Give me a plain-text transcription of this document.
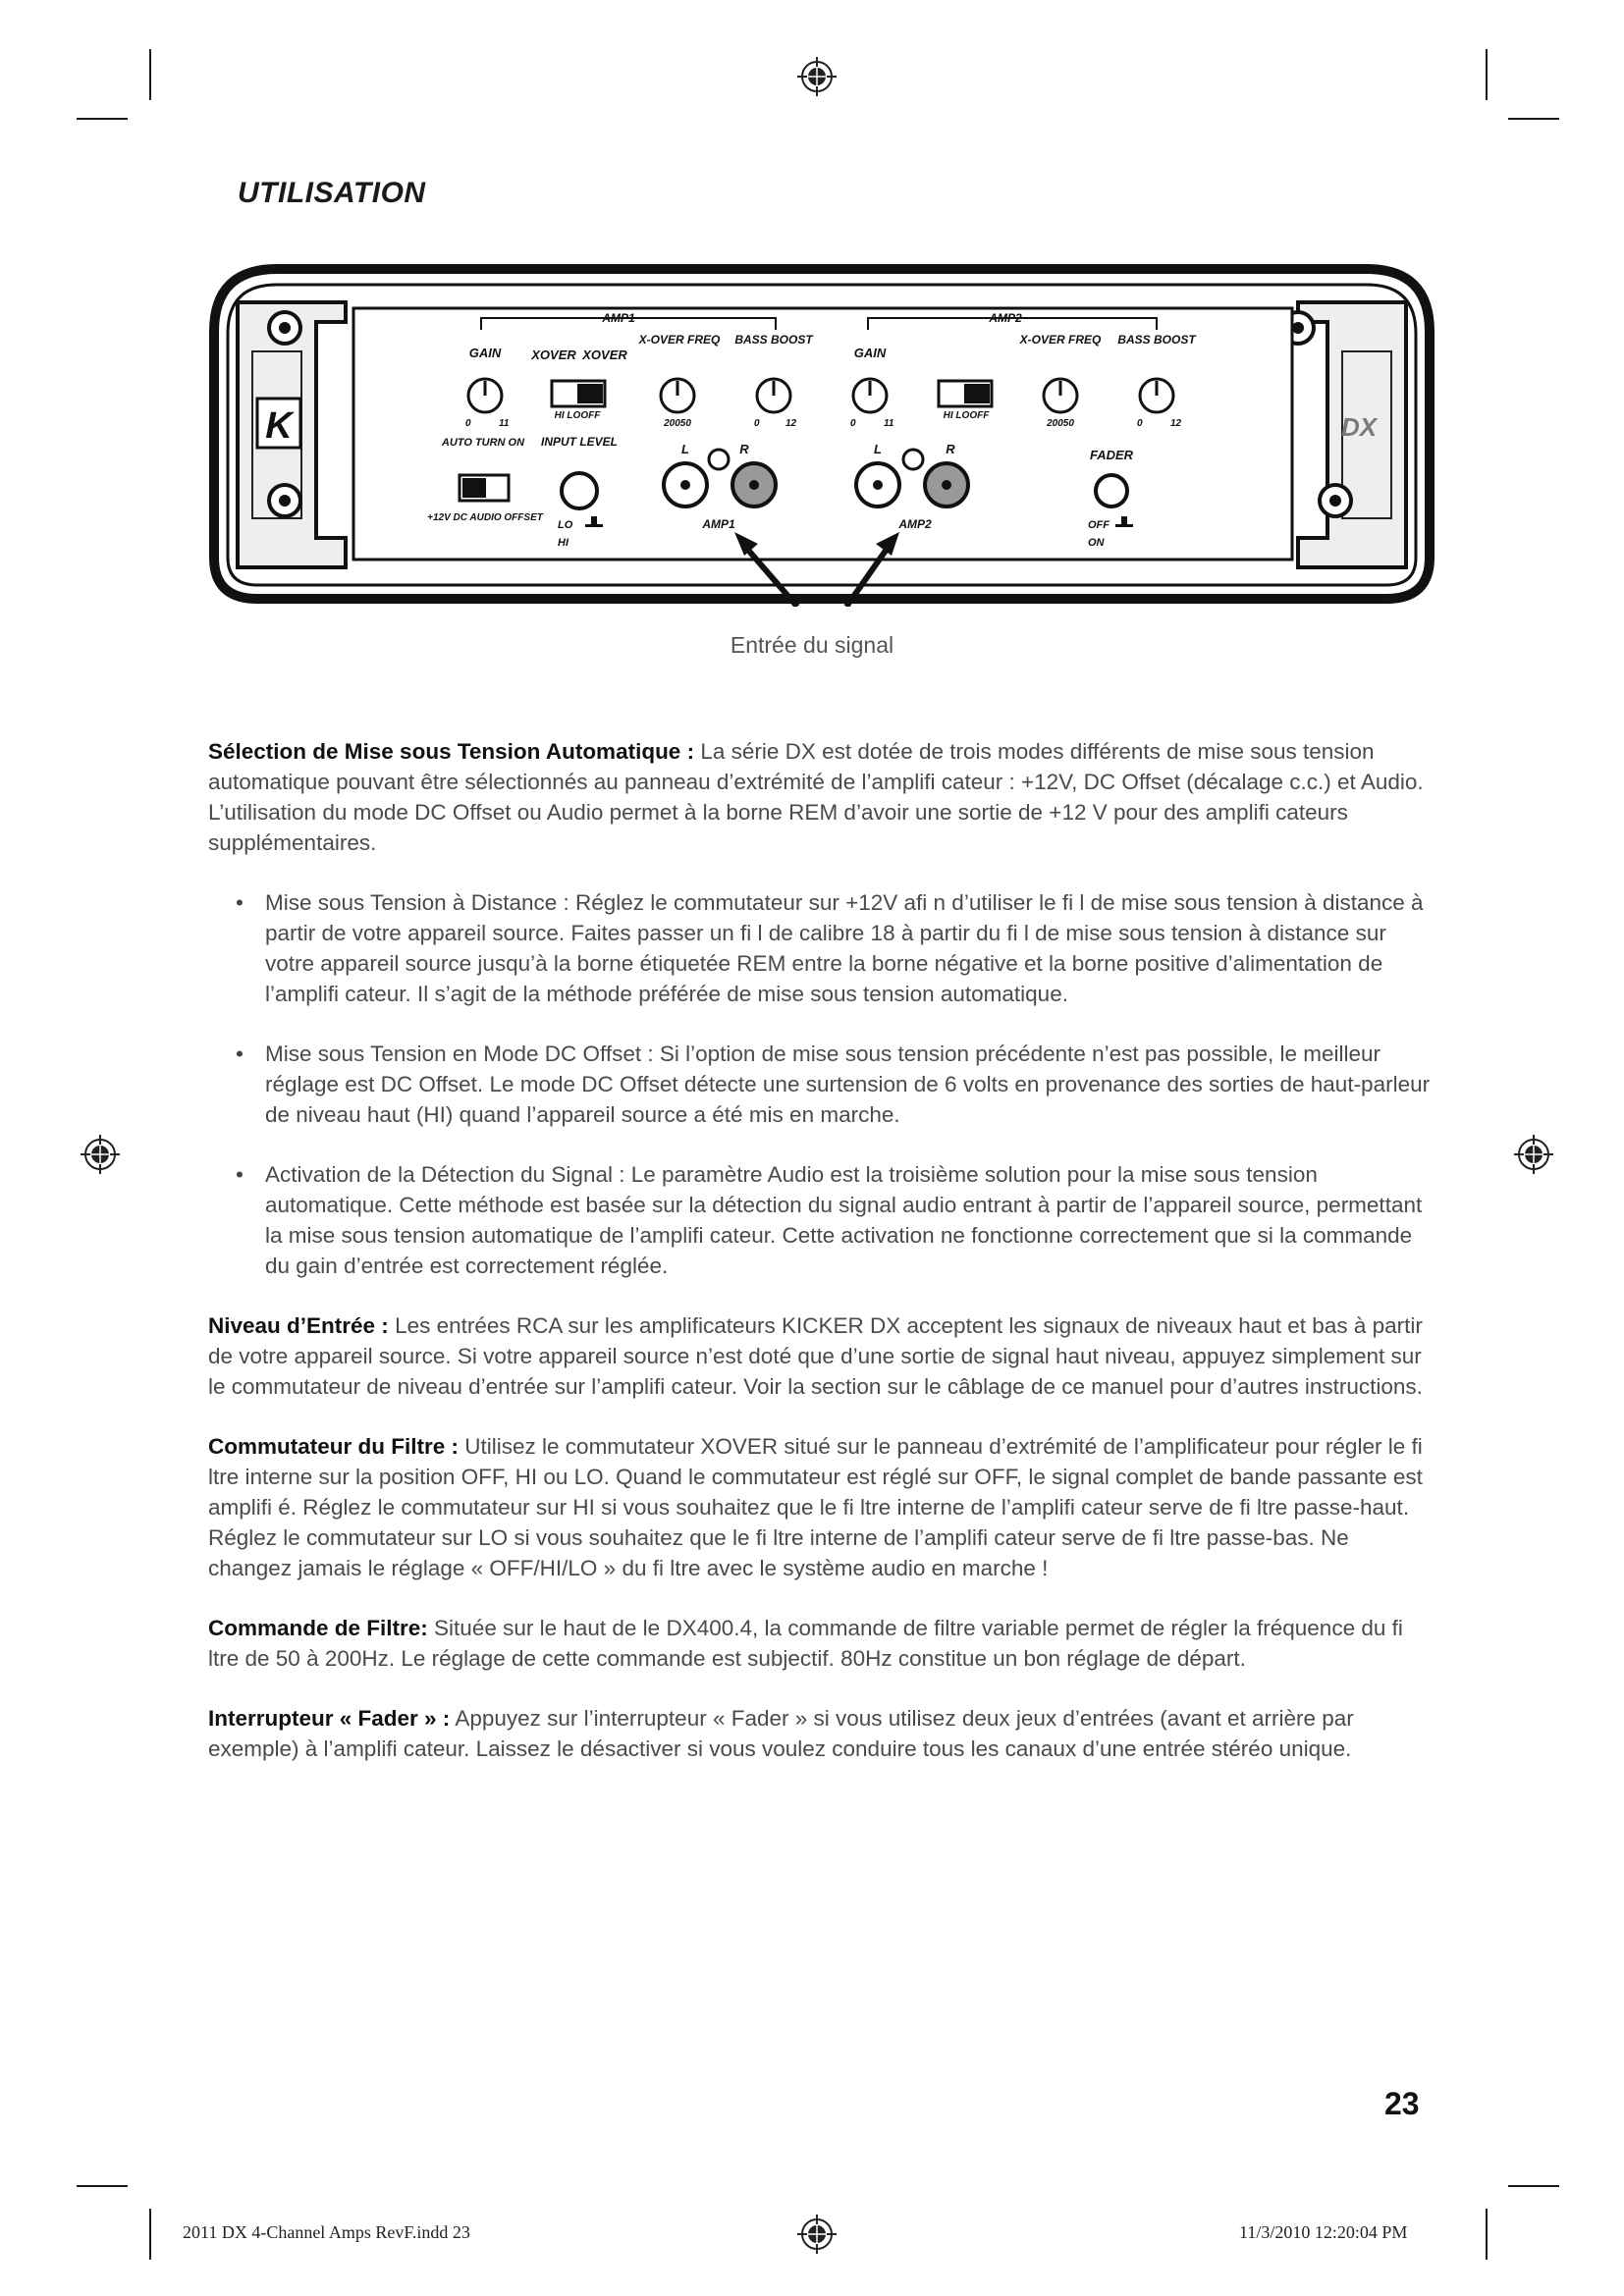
UTILISATION
K	DX
AMP1	AMP2
GAIN XOVER XOVER
X-OVER FREQ BASS BOOST
GAIN
X-OVER FREQ BASS BOOST
0	11
HI LOOFF
20050	0	12	0	11
HI LOOFF
20050	0	12
AUTO TURN ON
+12V DC AUDIO OFFSET
INPUT LEVEL
LO
HI
L	R
AMP1
L	R
AMP2
FADER
OFF
ON
Entrée du signal

Sélection de Mise sous Tension Automatique : La série DX est dotée de trois modes différents de mise sous tension automatique pouvant être sélectionnés au panneau d’extrémité de l’amplifi cateur : +12V, DC Offset (décalage c.c.) et Audio. L’utilisation du mode DC Offset ou Audio permet à la borne REM d’avoir une sortie de +12 V pour des amplifi cateurs supplémentaires.

• Mise sous Tension à Distance : Réglez le commutateur sur +12V afi n d’utiliser le fi l de mise sous tension à distance à partir de votre appareil source. Faites passer un fi l de calibre 18 à partir du fi l de mise sous tension à distance sur votre appareil source jusqu’à la borne étiquetée REM entre la borne négative et la borne positive d’alimentation de l’amplifi cateur. Il s’agit de la méthode préférée de mise sous tension automatique.
• Mise sous Tension en Mode DC Offset : Si l’option de mise sous tension précédente n’est pas possible, le meilleur réglage est DC Offset. Le mode DC Offset détecte une surtension de 6 volts en provenance des sorties de haut-parleur de niveau haut (HI) quand l’appareil source a été mis en marche.
• Activation de la Détection du Signal : Le paramètre Audio est la troisième solution pour la mise sous tension automatique. Cette méthode est basée sur la détection du signal audio entrant à partir de l’appareil source, permettant la mise sous tension automatique de l’amplifi cateur. Cette activation ne fonctionne correctement que si la commande du gain d’entrée est correctement réglée.

Niveau d’Entrée : Les entrées RCA sur les amplificateurs KICKER DX acceptent les signaux de niveaux haut et bas à partir de votre appareil source. Si votre appareil source n’est doté que d’une sortie de signal haut niveau, appuyez simplement sur le commutateur de niveau d’entrée sur l’amplifi cateur. Voir la section sur le câblage de ce manuel pour d’autres instructions.

Commutateur du Filtre : Utilisez le commutateur XOVER situé sur le panneau d’extrémité de l’amplificateur pour régler le fi ltre interne sur la position OFF, HI ou LO. Quand le commutateur est réglé sur OFF, le signal complet de bande passante est amplifi é. Réglez le commutateur sur HI si vous souhaitez que le fi ltre interne de l’amplifi cateur serve de fi ltre passe-haut. Réglez le commutateur sur LO si vous souhaitez que le fi ltre interne de l’amplifi cateur serve de fi ltre passe-bas. Ne changez jamais le réglage « OFF/HI/LO » du fi ltre avec le système audio en marche !

Commande de Filtre: Située sur le haut de le DX400.4, la commande de filtre variable permet de régler la fréquence du fi ltre de 50 à 200Hz. Le réglage de cette commande est subjectif. 80Hz constitue un bon réglage de départ.

Interrupteur « Fader » : Appuyez sur l’interrupteur « Fader » si vous utilisez deux jeux d’entrées (avant et arrière par exemple) à l’amplifi cateur. Laissez le désactiver si vous voulez conduire tous les canaux d’une entrée stéréo unique.

23
2011 DX 4-Channel Amps RevF.indd 23	11/3/2010 12:20:04 PM
